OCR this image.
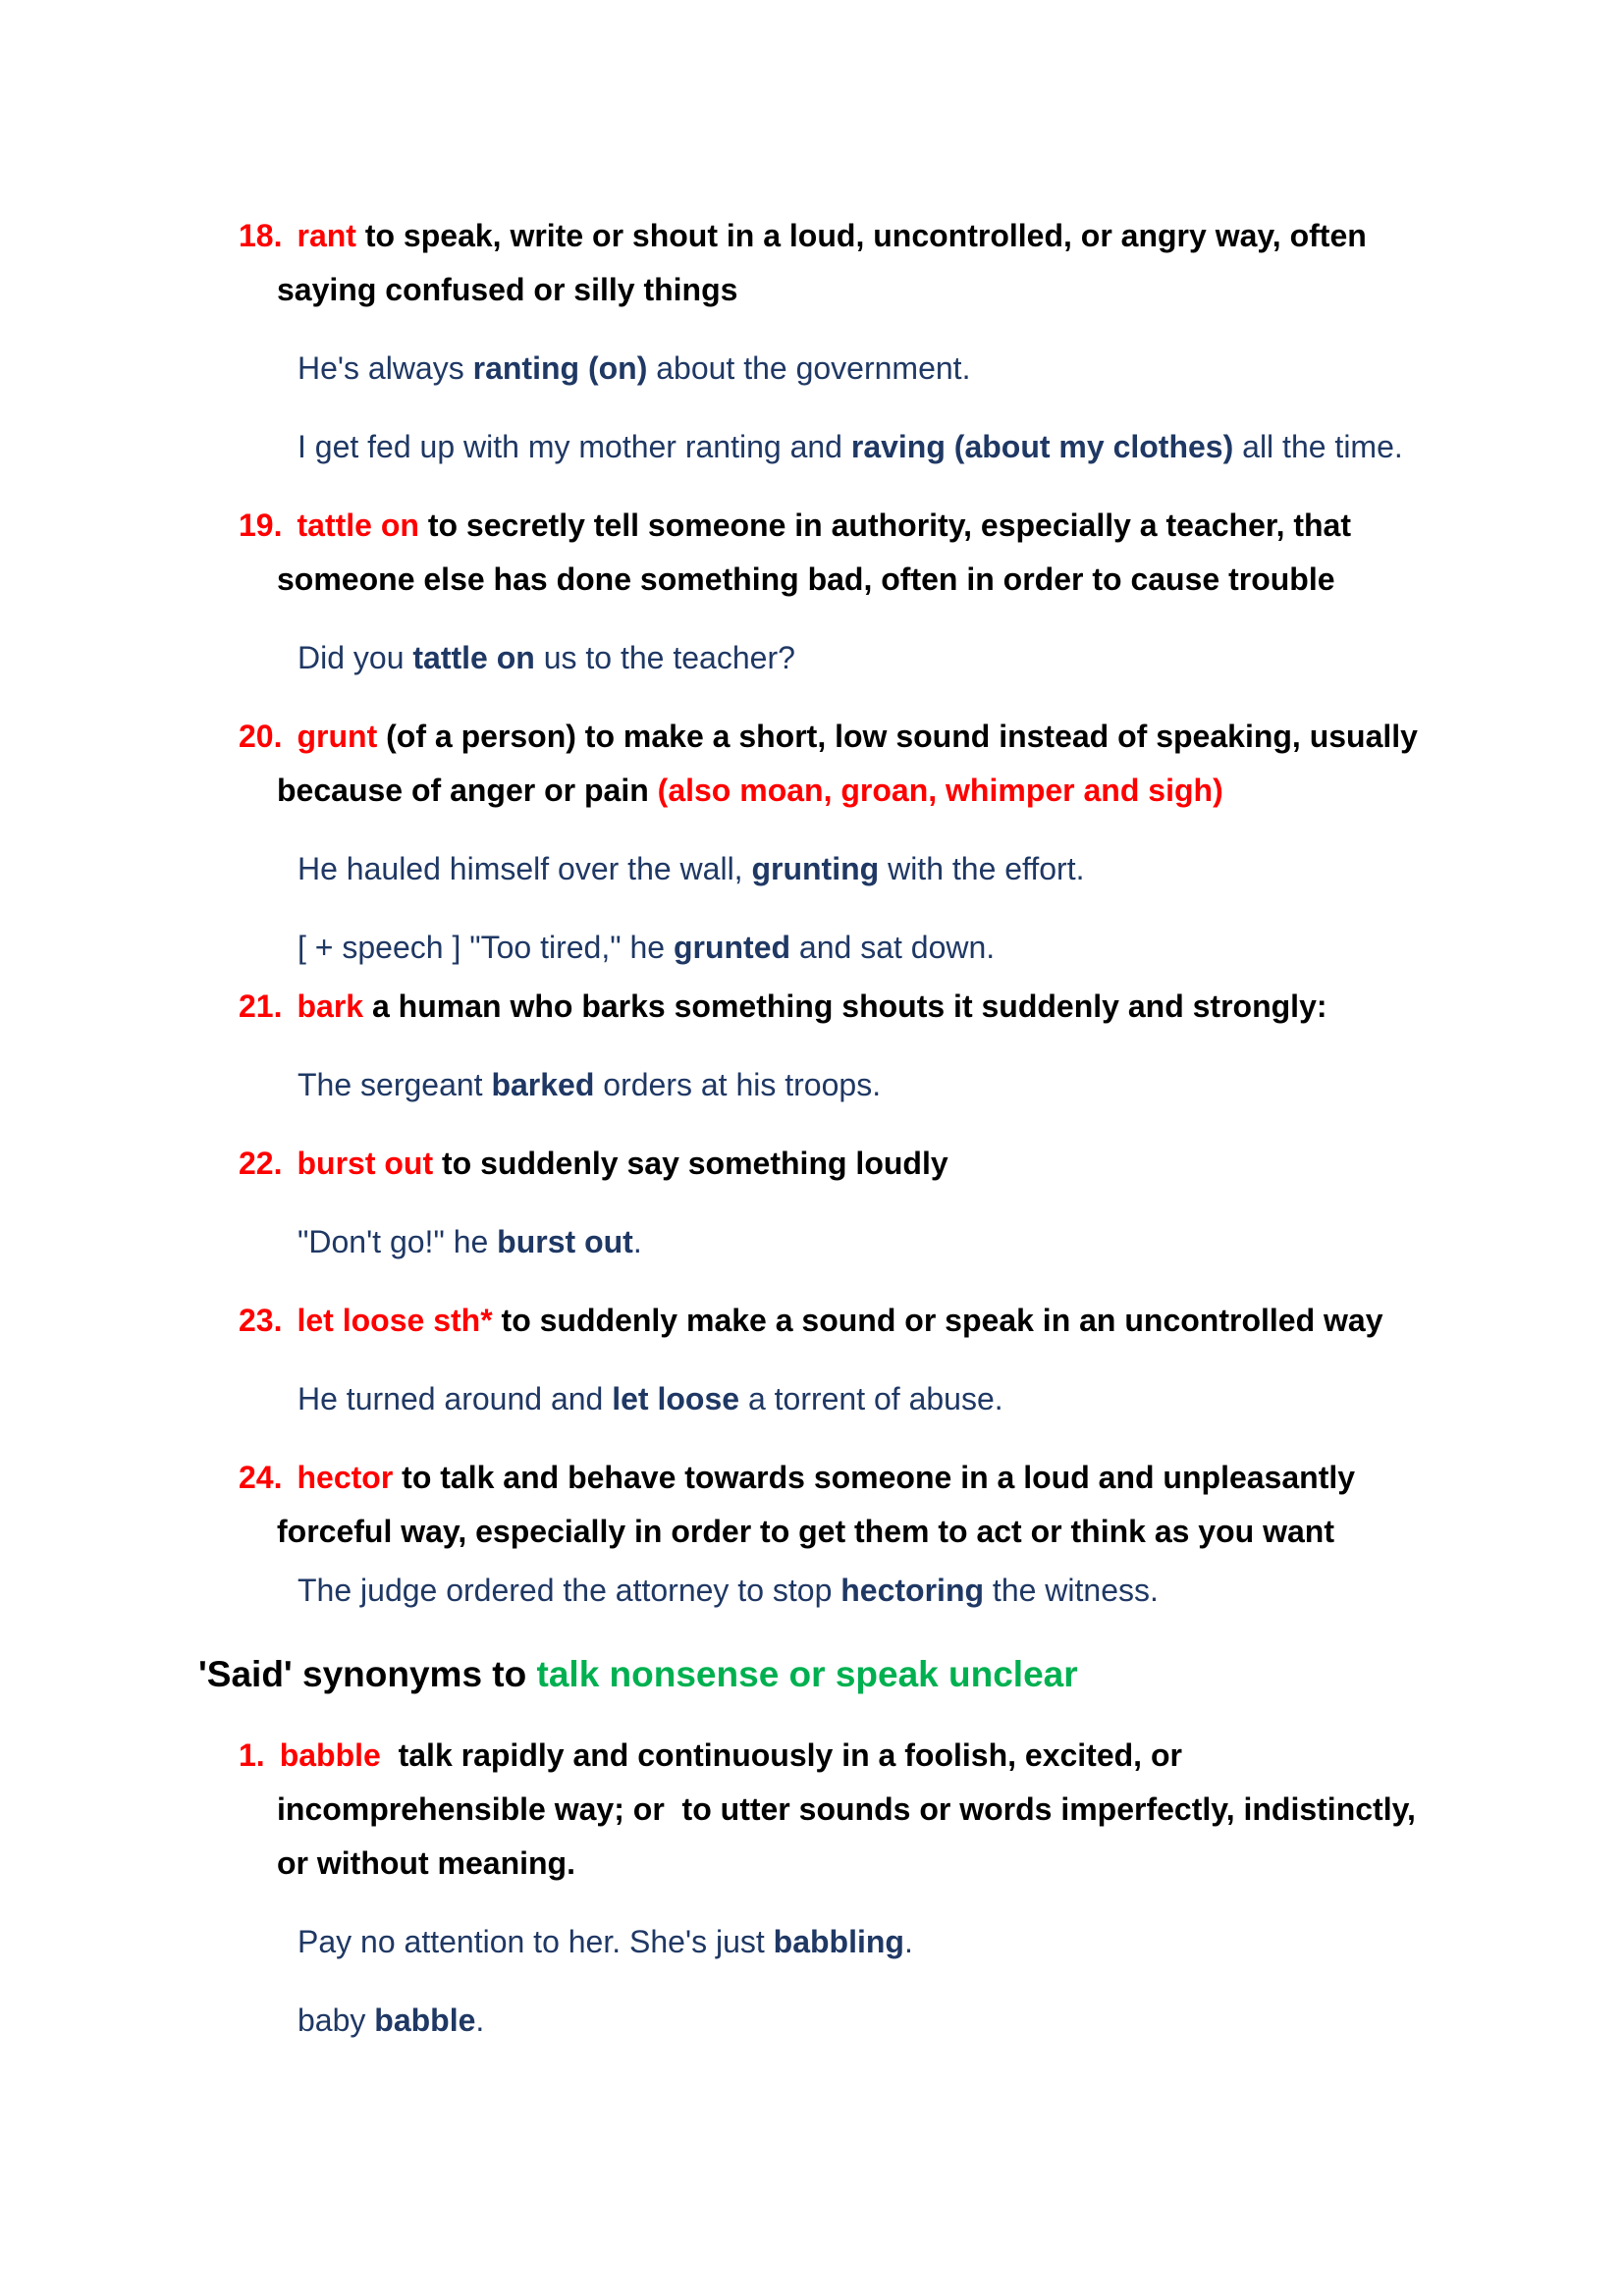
18. rant to speak, write or shout in a loud, uncontrolled, or angry way, often saying confused or silly things

He's always ranting (on) about the government.

I get fed up with my mother ranting and raving (about my clothes) all the time.

19. tattle on to secretly tell someone in authority, especially a teacher, that someone else has done something bad, often in order to cause trouble

Did you tattle on us to the teacher?

20. grunt (of a person) to make a short, low sound instead of speaking, usually because of anger or pain (also moan, groan, whimper and sigh)

He hauled himself over the wall, grunting with the effort.

[ + speech ] "Too tired," he grunted and sat down.

21. bark a human who barks something shouts it suddenly and strongly:

The sergeant barked orders at his troops.

22. burst out to suddenly say something loudly

"Don't go!" he burst out.

23. let loose sth* to suddenly make a sound or speak in an uncontrolled way

He turned around and let loose a torrent of abuse.

24. hector to talk and behave towards someone in a loud and unpleasantly forceful way, especially in order to get them to act or think as you want

The judge ordered the attorney to stop hectoring the witness.

'Said' synonyms to talk nonsense or speak unclear

1. babble  talk rapidly and continuously in a foolish, excited, or incomprehensible way; or  to utter sounds or words imperfectly, indistinctly, or without meaning.

Pay no attention to her. She's just babbling.

baby babble.
